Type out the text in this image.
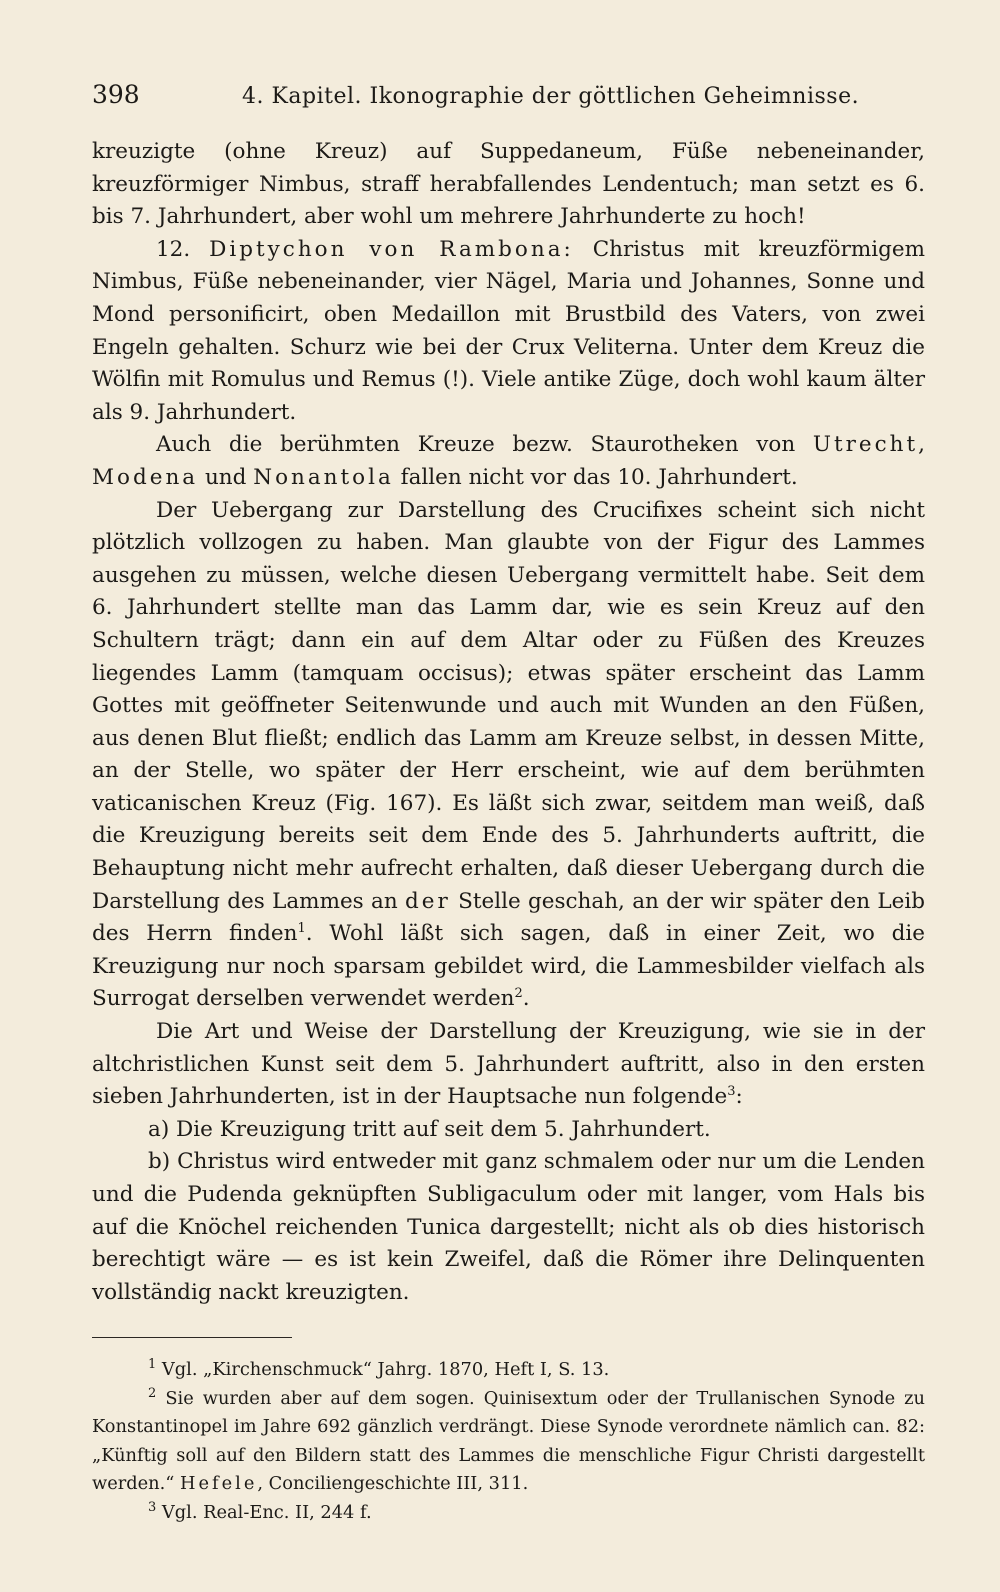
398	4. Kapitel. Ikonographie der göttlichen Geheimnisse.

kreuzigte (ohne Kreuz) auf Suppedaneum, Füße nebeneinander, kreuzförmiger Nimbus, straff herabfallendes Lendentuch; man setzt es 6. bis 7. Jahrhundert, aber wohl um mehrere Jahrhunderte zu hoch!

12. Diptychon von Rambona: Christus mit kreuzförmigem Nimbus, Füße nebeneinander, vier Nägel, Maria und Johannes, Sonne und Mond personificirt, oben Medaillon mit Brustbild des Vaters, von zwei Engeln gehalten. Schurz wie bei der Crux Veliterna. Unter dem Kreuz die Wölfin mit Romulus und Remus (!). Viele antike Züge, doch wohl kaum älter als 9. Jahrhundert.

Auch die berühmten Kreuze bezw. Staurotheken von Utrecht, Modena und Nonantola fallen nicht vor das 10. Jahrhundert.

Der Uebergang zur Darstellung des Crucifixes scheint sich nicht plötzlich vollzogen zu haben. Man glaubte von der Figur des Lammes ausgehen zu müssen, welche diesen Uebergang vermittelt habe. Seit dem 6. Jahrhundert stellte man das Lamm dar, wie es sein Kreuz auf den Schultern trägt; dann ein auf dem Altar oder zu Füßen des Kreuzes liegendes Lamm (tamquam occisus); etwas später erscheint das Lamm Gottes mit geöffneter Seitenwunde und auch mit Wunden an den Füßen, aus denen Blut fließt; endlich das Lamm am Kreuze selbst, in dessen Mitte, an der Stelle, wo später der Herr erscheint, wie auf dem berühmten vaticanischen Kreuz (Fig. 167). Es läßt sich zwar, seitdem man weiß, daß die Kreuzigung bereits seit dem Ende des 5. Jahrhunderts auftritt, die Behauptung nicht mehr aufrecht erhalten, daß dieser Uebergang durch die Darstellung des Lammes an der Stelle geschah, an der wir später den Leib des Herrn finden$^1$. Wohl läßt sich sagen, daß in einer Zeit, wo die Kreuzigung nur noch sparsam gebildet wird, die Lammesbilder vielfach als Surrogat derselben verwendet werden$^2$.

Die Art und Weise der Darstellung der Kreuzigung, wie sie in der altchristlichen Kunst seit dem 5. Jahrhundert auftritt, also in den ersten sieben Jahrhunderten, ist in der Hauptsache nun folgende$^3$:

a) Die Kreuzigung tritt auf seit dem 5. Jahrhundert.

b) Christus wird entweder mit ganz schmalem oder nur um die Lenden und die Pudenda geknüpften Subligaculum oder mit langer, vom Hals bis auf die Knöchel reichenden Tunica dargestellt; nicht als ob dies historisch berechtigt wäre — es ist kein Zweifel, daß die Römer ihre Delinquenten vollständig nackt kreuzigten.

$^1$ Vgl. „Kirchenschmuck“ Jahrg. 1870, Heft I, S. 13.

$^2$ Sie wurden aber auf dem sogen. Quinisextum oder der Trullanischen Synode zu Konstantinopel im Jahre 692 gänzlich verdrängt. Diese Synode verordnete nämlich can. 82: „Künftig soll auf den Bildern statt des Lammes die menschliche Figur Christi dargestellt werden.“ Hefele, Conciliengeschichte III, 311.

$^3$ Vgl. Real-Enc. II, 244 f.
